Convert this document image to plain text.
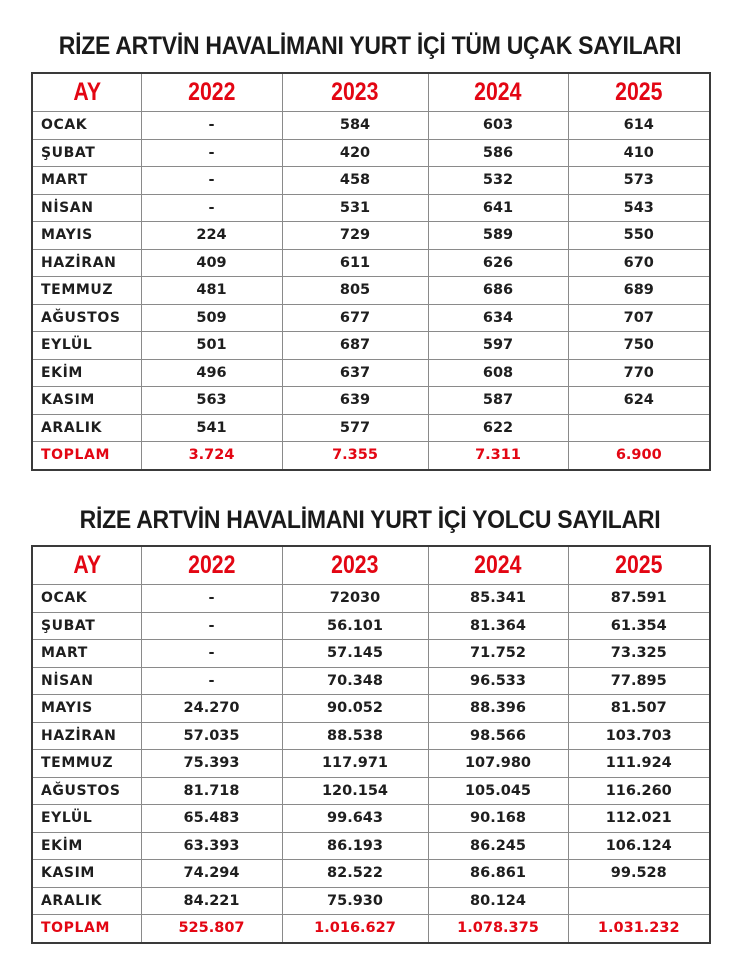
RİZE ARTVİN HAVALİMANI YURT İÇİ TÜM UÇAK SAYILARI
AY	2022	2023	2024	2025
OCAK	-	584	603	614
ŞUBAT	-	420	586	410
MART	-	458	532	573
NİSAN	-	531	641	543
MAYIS	224	729	589	550
HAZİRAN	409	611	626	670
TEMMUZ	481	805	686	689
AĞUSTOS	509	677	634	707
EYLÜL	501	687	597	750
EKİM	496	637	608	770
KASIM	563	639	587	624
ARALIK	541	577	622	
TOPLAM	3.724	7.355	7.311	6.900
RİZE ARTVİN HAVALİMANI YURT İÇİ YOLCU SAYILARI
AY	2022	2023	2024	2025
OCAK	-	72030	85.341	87.591
ŞUBAT	-	56.101	81.364	61.354
MART	-	57.145	71.752	73.325
NİSAN	-	70.348	96.533	77.895
MAYIS	24.270	90.052	88.396	81.507
HAZİRAN	57.035	88.538	98.566	103.703
TEMMUZ	75.393	117.971	107.980	111.924
AĞUSTOS	81.718	120.154	105.045	116.260
EYLÜL	65.483	99.643	90.168	112.021
EKİM	63.393	86.193	86.245	106.124
KASIM	74.294	82.522	86.861	99.528
ARALIK	84.221	75.930	80.124	
TOPLAM	525.807	1.016.627	1.078.375	1.031.232
